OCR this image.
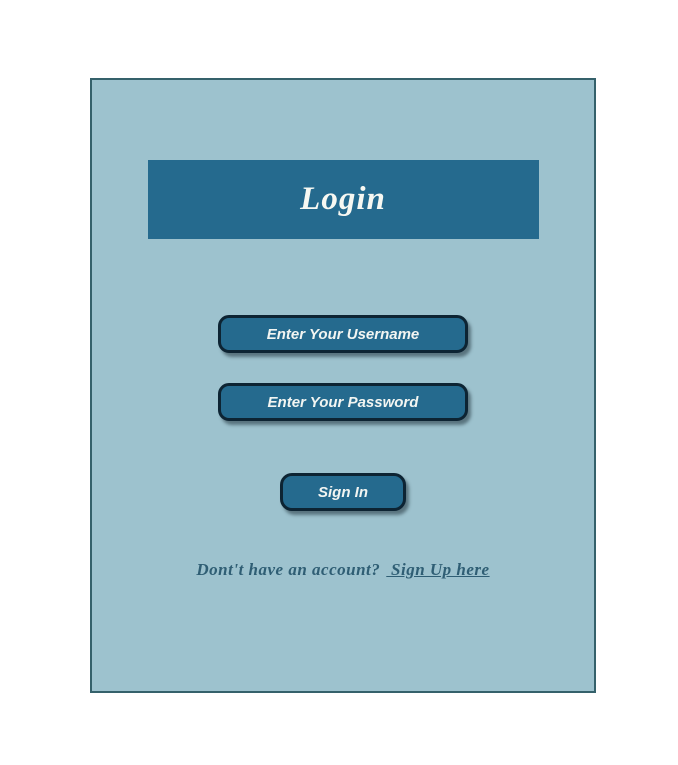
Login
Enter Your Username
Sign In
Dont't have an account? Sign Up here
